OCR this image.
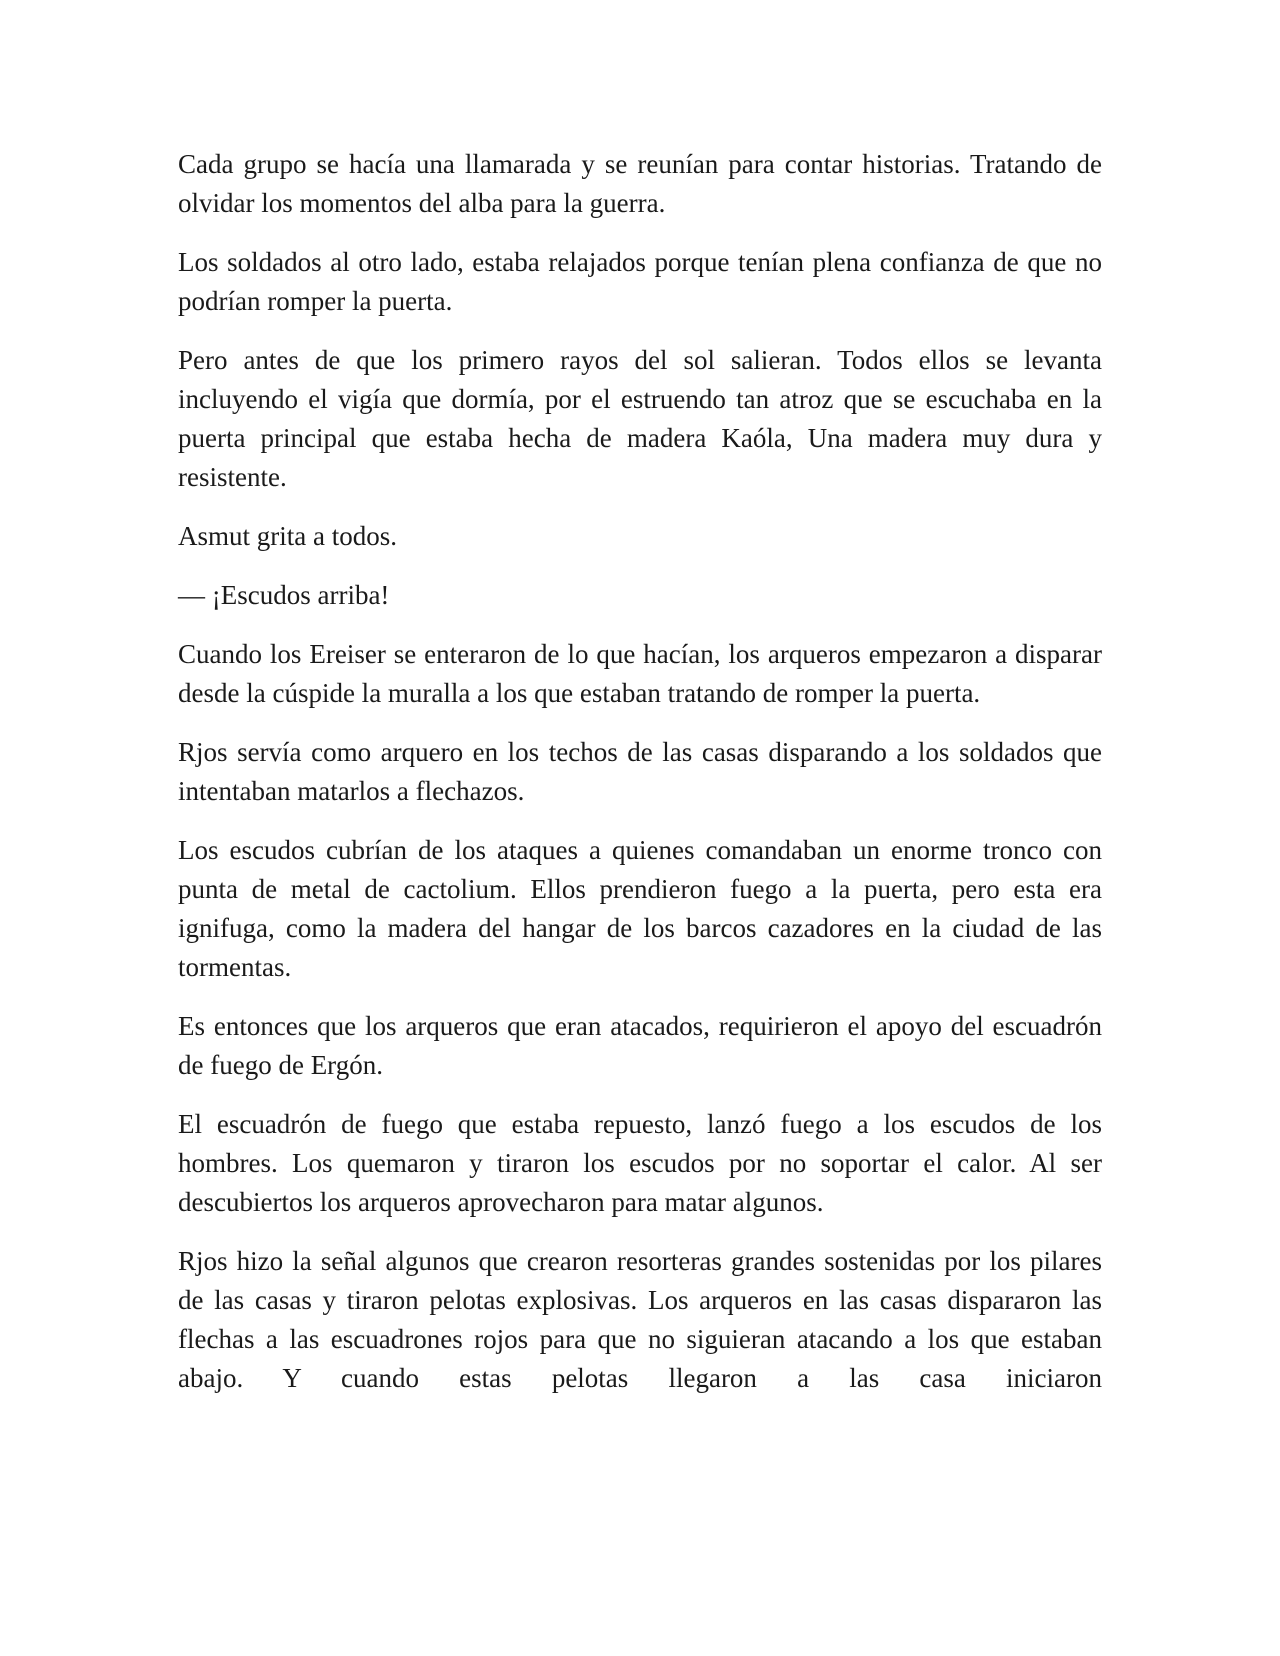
Cada grupo se hacía una llamarada y se reunían para contar historias. Tratando de olvidar los momentos del alba para la guerra.

Los soldados al otro lado, estaba relajados porque tenían plena confianza de que no podrían romper la puerta.

Pero antes de que los primero rayos del sol salieran. Todos ellos se levanta incluyendo el vigía que dormía, por el estruendo tan atroz que se escuchaba en la puerta principal que estaba hecha de madera Kaóla, Una madera muy dura y resistente.

Asmut grita a todos.

— ¡Escudos arriba!

Cuando los Ereiser se enteraron de lo que hacían, los arqueros empezaron a disparar desde la cúspide la muralla a los que estaban tratando de romper la puerta.

Rjos servía como arquero en los techos de las casas disparando a los soldados que intentaban matarlos a flechazos.

Los escudos cubrían de los ataques a quienes comandaban un enorme tronco con punta de metal de cactolium. Ellos prendieron fuego a la puerta, pero esta era ignifuga, como la madera del hangar de los barcos cazadores en la ciudad de las tormentas.

Es entonces que los arqueros que eran atacados, requirieron el apoyo del escuadrón de fuego de Ergón.

El escuadrón de fuego que estaba repuesto, lanzó fuego a los escudos de los hombres. Los quemaron y tiraron los escudos por no soportar el calor. Al ser descubiertos los arqueros aprovecharon para matar algunos.

Rjos hizo la señal algunos que crearon resorteras grandes sostenidas por los pilares de las casas y tiraron pelotas explosivas. Los arqueros en las casas dispararon las flechas a las escuadrones rojos para que no siguieran atacando a los que estaban abajo. Y cuando estas pelotas llegaron a las casa iniciaron
